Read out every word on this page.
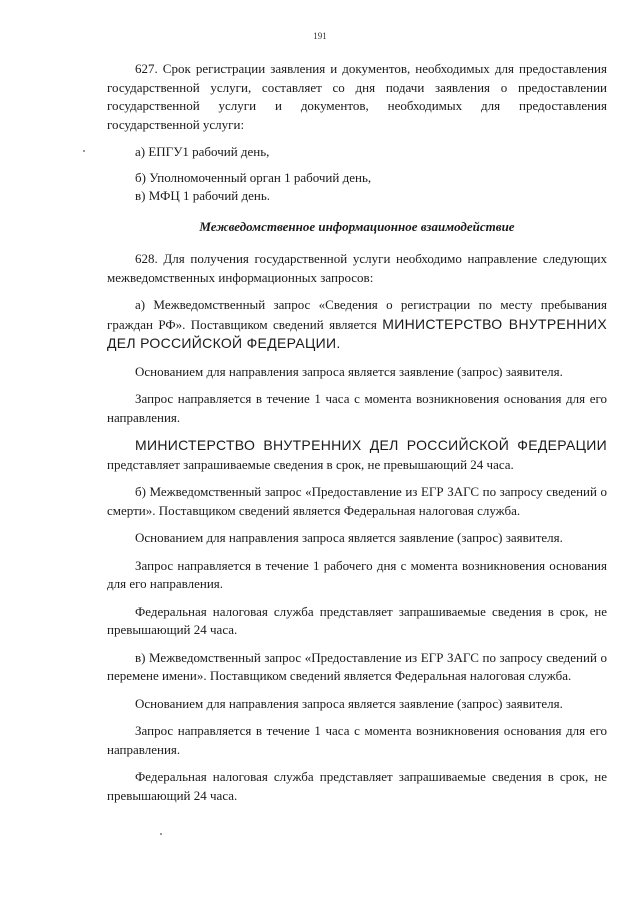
191

627. Срок регистрации заявления и документов, необходимых для предоставления государственной услуги, составляет со дня подачи заявления о предоставлении государственной услуги и документов, необходимых для предоставления государственной услуги:

а) ЕПГУ1 рабочий день,

б) Уполномоченный орган 1 рабочий день,

в) МФЦ 1 рабочий день.

Межведомственное информационное взаимодействие

628. Для получения государственной услуги необходимо направление следующих межведомственных информационных запросов:

а) Межведомственный запрос «Сведения о регистрации по месту пребывания граждан РФ». Поставщиком сведений является МИНИСТЕРСТВО ВНУТРЕННИХ ДЕЛ РОССИЙСКОЙ ФЕДЕРАЦИИ.

Основанием для направления запроса является заявление (запрос) заявителя.

Запрос направляется в течение 1 часа с момента возникновения основания для его направления.

МИНИСТЕРСТВО ВНУТРЕННИХ ДЕЛ РОССИЙСКОЙ ФЕДЕРАЦИИ представляет запрашиваемые сведения в срок, не превышающий 24 часа.

б) Межведомственный запрос «Предоставление из ЕГР ЗАГС по запросу сведений о смерти». Поставщиком сведений является Федеральная налоговая служба.

Основанием для направления запроса является заявление (запрос) заявителя.

Запрос направляется в течение 1 рабочего дня с момента возникновения основания для его направления.

Федеральная налоговая служба представляет запрашиваемые сведения в срок, не превышающий 24 часа.

в) Межведомственный запрос «Предоставление из ЕГР ЗАГС по запросу сведений о перемене имени». Поставщиком сведений является Федеральная налоговая служба.

Основанием для направления запроса является заявление (запрос) заявителя.

Запрос направляется в течение 1 часа с момента возникновения основания для его направления.

Федеральная налоговая служба представляет запрашиваемые сведения в срок, не превышающий 24 часа.
